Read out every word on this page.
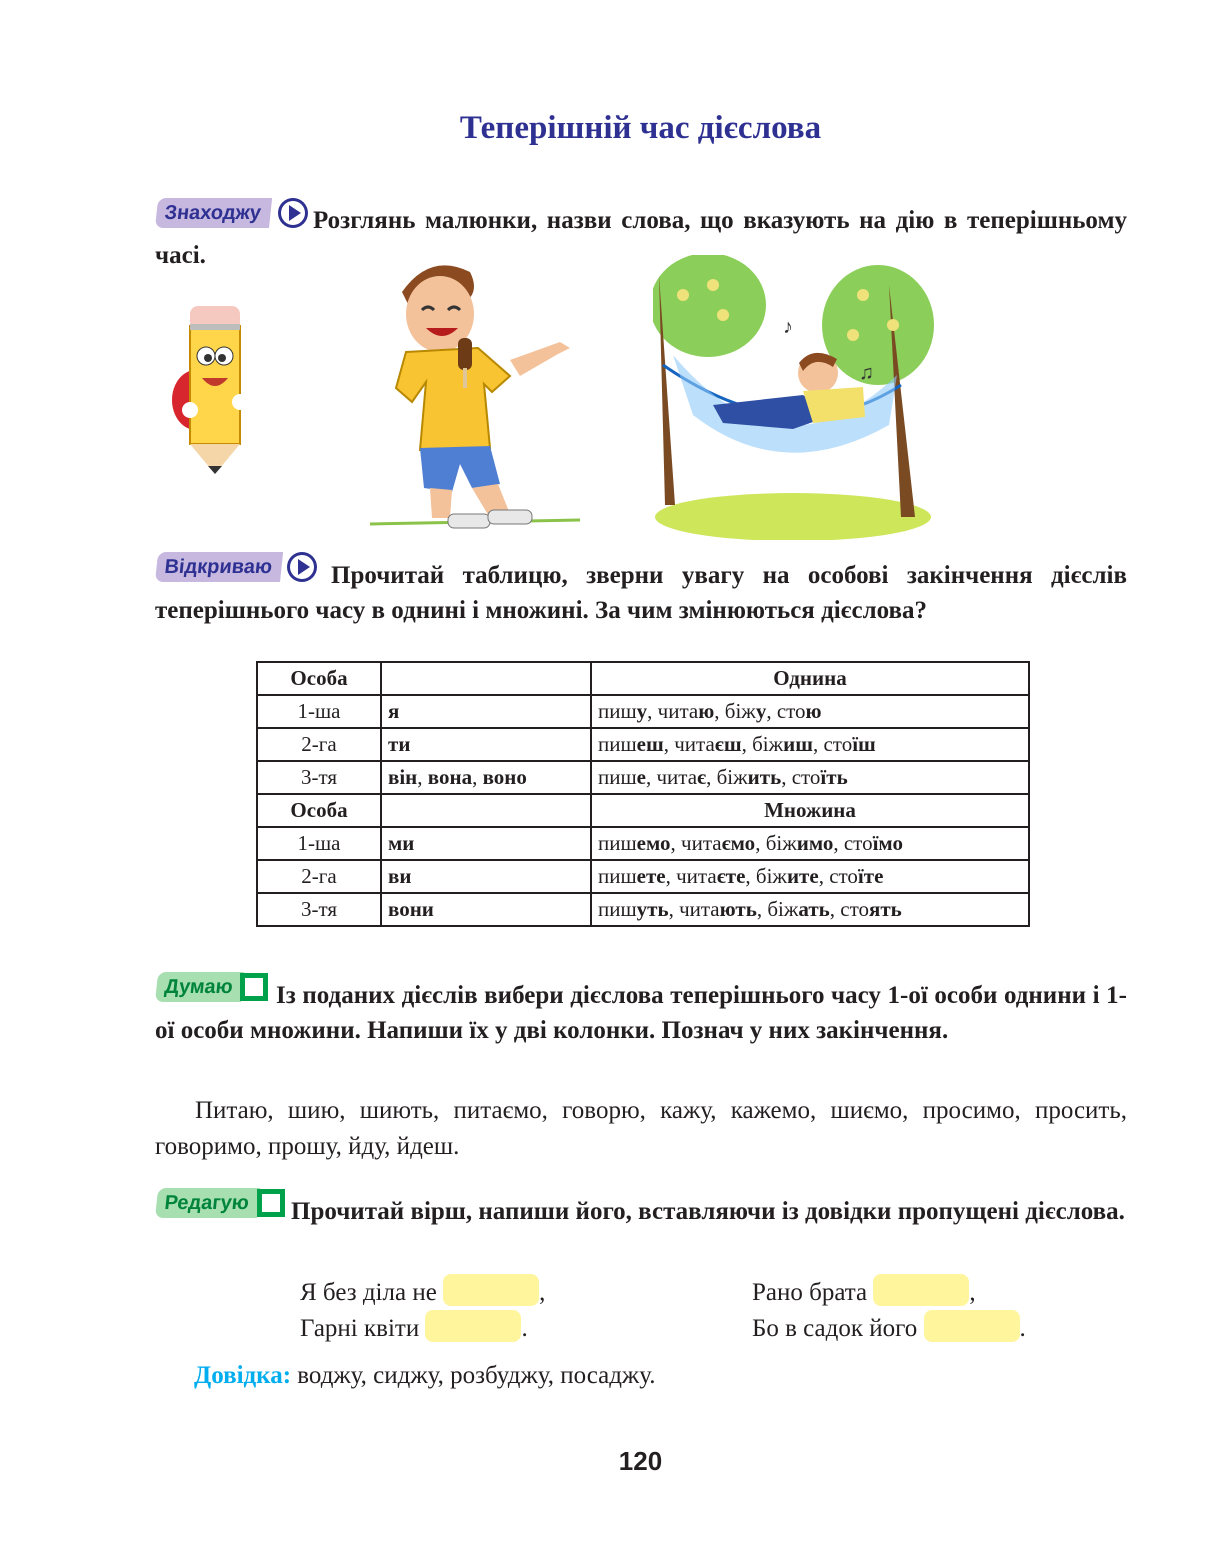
Теперішній час дієслова
Знаходжу	Розглянь малюнки, назви слова, що вказують на дію в теперішньому часі.
♪
♫
Відкриваю	Прочитай таблицю, зверни увагу на особові закінчення дієслів теперішнього часу в однині і множині. За чим змінюються дієслова?
Особа		Однина
1-ша	я	пишу, читаю, біжу, стою
2-га	ти	пишеш, читаєш, біжиш, стоїш
3-тя	він, вона, воно	пише, читає, біжить, стоїть
Особа		Множина
1-ша	ми	пишемо, читаємо, біжимо, стоїмо
2-га	ви	пишете, читаєте, біжите, стоїте
3-тя	вони	пишуть, читають, біжать, стоять
Думаю	Із поданих дієслів вибери дієслова теперішнього часу 1-ої особи однини і 1-ої особи множини. Напиши їх у дві колонки. Познач у них закінчення.
Питаю, шию, шиють, питаємо, говорю, кажу, кажемо, шиємо, просимо, просить, говоримо, прошу, йду, йдеш.
Редагую	Прочитай вірш, напиши його, вставляючи із довідки пропущені дієслова.
Я без діла не	,
Гарні квіти	.
Рано брата	,
Бо в садок його	.
Довідка: воджу, сиджу, розбуджу, посаджу.
120
